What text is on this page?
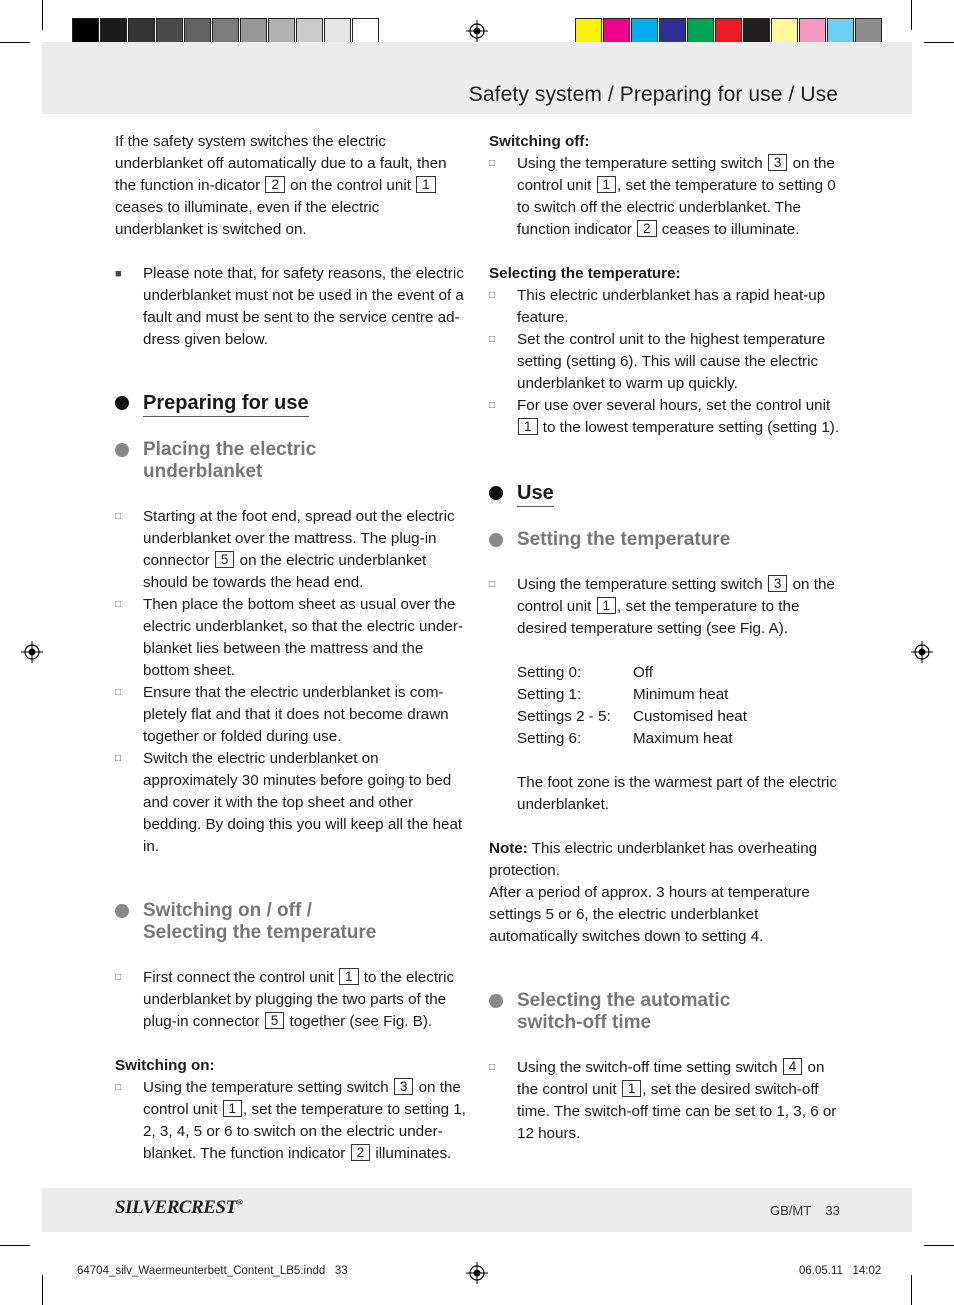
Safety system / Preparing for use / Use

If the safety system switches the electric underblanket off automatically due to a fault, then the function in-dicator 2 on the control unit 1 ceases to illuminate, even if the electric underblanket is switched on.

■	Please note that, for safety reasons, the electric underblanket must not be used in the event of a fault and must be sent to the service centre ad-dress given below.
Preparing for use
Placing the electric
underblanket
□	Starting at the foot end, spread out the electric underblanket over the mattress. The plug-in connector 5 on the electric underblanket should be towards the head end.
□	Then place the bottom sheet as usual over the electric underblanket, so that the electric under-blanket lies between the mattress and the bottom sheet.
□	Ensure that the electric underblanket is com-pletely flat and that it does not become drawn together or folded during use.
□	Switch the electric underblanket on approximately 30 minutes before going to bed and cover it with the top sheet and other bedding. By doing this you will keep all the heat in.
Switching on / off /
Selecting the temperature
□	First connect the control unit 1 to the electric underblanket by plugging the two parts of the plug-in connector 5 together (see Fig. B).

Switching on:

□	Using the temperature setting switch 3 on the control unit 1 , set the temperature to setting 1, 2, 3, 4, 5 or 6 to switch on the electric under-blanket. The function indicator 2 illuminates.

Switching off:

□	Using the temperature setting switch 3 on the control unit 1 , set the temperature to setting 0 to switch off the electric underblanket. The function indicator 2 ceases to illuminate.

Selecting the temperature:

□	This electric underblanket has a rapid heat-up feature.
□	Set the control unit to the highest temperature setting (setting 6). This will cause the electric underblanket to warm up quickly.
□	For use over several hours, set the control unit 1 to the lowest temperature setting (setting 1).
Use
Setting the temperature
□	Using the temperature setting switch 3 on the control unit 1 , set the temperature to the desired temperature setting (see Fig. A).
Setting 0:	Off
Setting 1:	Minimum heat
Settings 2 - 5:	Customised heat
Setting 6:	Maximum heat

The foot zone is the warmest part of the electric underblanket.

Note: This electric underblanket has overheating protection.

After a period of approx. 3 hours at temperature settings 5 or 6, the electric underblanket automatically switches down to setting 4.

Selecting the automatic
switch-off time
□	Using the switch-off time setting switch 4 on the control unit 1 , set the desired switch-off time. The switch-off time can be set to 1, 3, 6 or 12 hours.
SILVERCREST®
GB/MT    33
64704_silv_Waermeunterbett_Content_LB5.indd   33	06.05.11   14:02
